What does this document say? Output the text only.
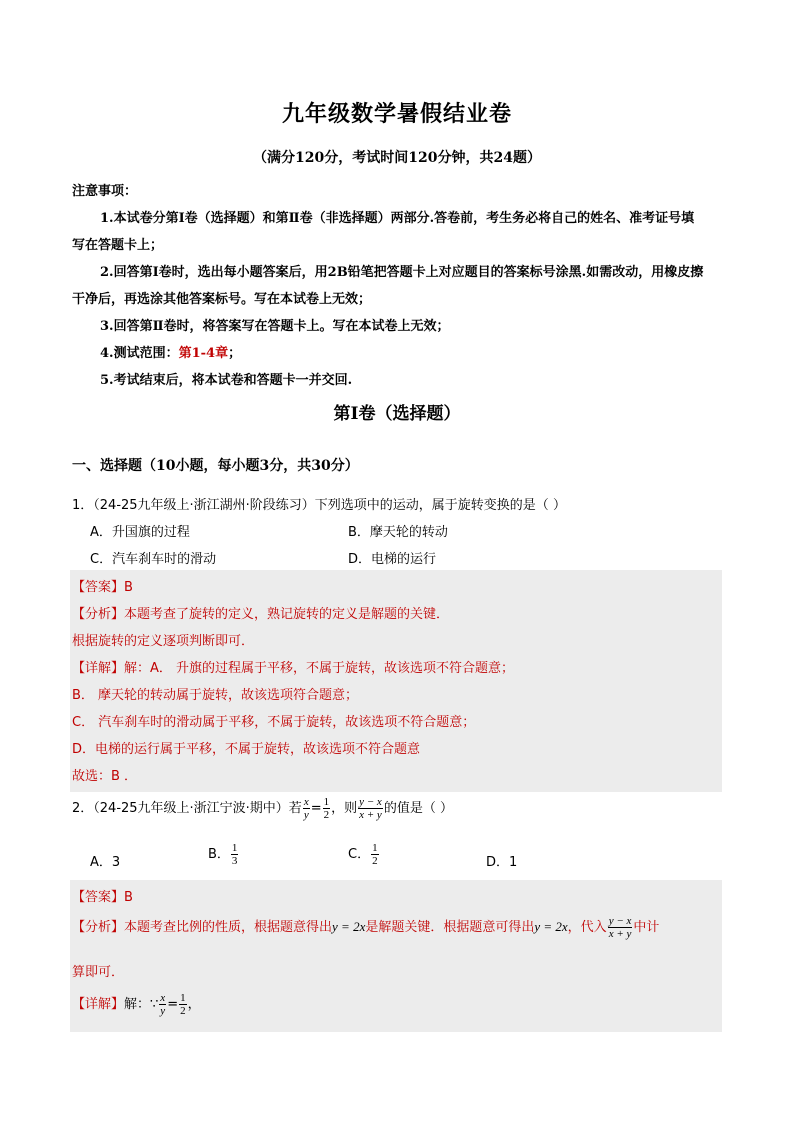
九年级数学暑假结业卷
（满分120分，考试时间120分钟，共24题）
注意事项：
1.本试卷分第Ⅰ卷（选择题）和第Ⅱ卷（非选择题）两部分.答卷前，考生务必将自己的姓名、准考证号填
写在答题卡上；
2.回答第Ⅰ卷时，选出每小题答案后，用2B铅笔把答题卡上对应题目的答案标号涂黑.如需改动，用橡皮擦
干净后，再选涂其他答案标号。写在本试卷上无效；
3.回答第Ⅱ卷时，将答案写在答题卡上。写在本试卷上无效；
4.测试范围：第1-4章；
5.考试结束后，将本试卷和答题卡一并交回.
第Ⅰ卷（选择题）
一、选择题（10小题，每小题3分，共30分）
1．（24-25九年级上·浙江湖州·阶段练习）下列选项中的运动，属于旋转变换的是（ ）
A．升国旗的过程	B．摩天轮的转动
C．汽车刹车时的滑动	D．电梯的运行
【答案】B
【分析】本题考查了旋转的定义，熟记旋转的定义是解题的关键．
根据旋转的定义逐项判断即可．
【详解】解：A． 升旗的过程属于平移，不属于旋转，故该选项不符合题意；
B． 摩天轮的转动属于旋转，故该选项符合题意；
C． 汽车刹车时的滑动属于平移，不属于旋转，故该选项不符合题意；
D．电梯的运行属于平移，不属于旋转，故该选项不符合题意
故选：B ．
2．（24-25九年级上·浙江宁波·期中）若 $\frac{x}{y} = \frac{1}{2}$ ，则 $\frac{y - x}{x + y}$ 的值是（ ）
A．3
B． $\frac{1}{3}$	C． $\frac{1}{2}$	D．1
【答案】B
【分析】本题考查比例的性质，根据题意得出y = 2x是解题关键．根据题意可得出y = 2x，代入 $\frac{y - x}{x + y}$ 中计
算即可．
【详解】解：∵ $\frac{x}{y} = \frac{1}{2}$ ，
